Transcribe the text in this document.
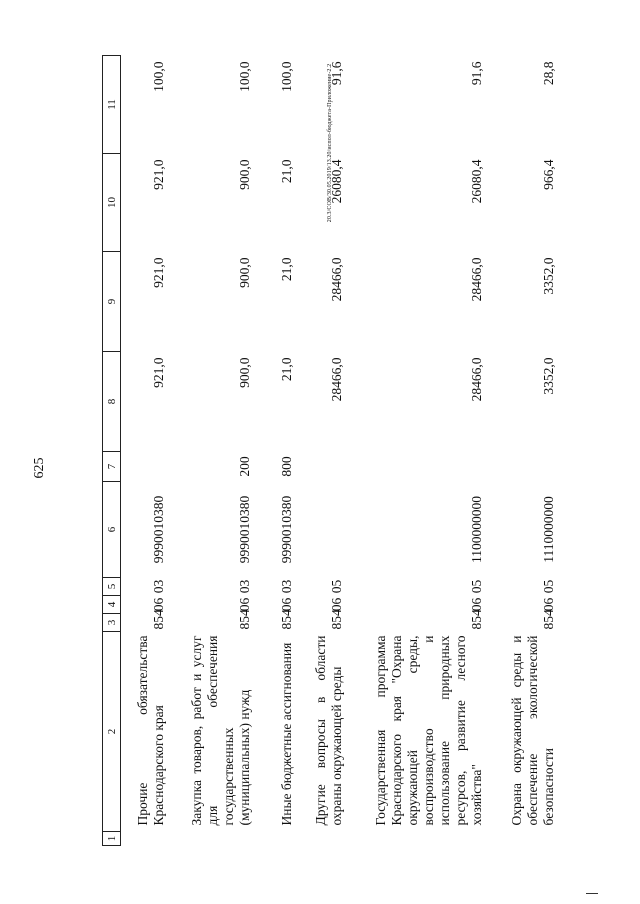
625
20.3/СОВ/30.05.2019/13.20/испол-бюджета-Приложение-2.2
1	2	3	4	5	6	7	8	9	10	11
	Прочие обязательства Краснодарского края	854	06	03	9990010380		921,0	921,0	921,0	100,0
	Закупка товаров, работ и услуг для обеспечения государственных (муниципальных) нужд	854	06	03	9990010380	200	900,0	900,0	900,0	100,0
	Иные бюджетные ассигнования	854	06	03	9990010380	800	21,0	21,0	21,0	100,0
	Другие вопросы в области охраны окружающей среды	854	06	05			28466,0	28466,0	26080,4	91,6
	Государственная программа Краснодарского края "Охрана окружающей среды, воспроизводство и использование природных ресурсов, развитие лесного хозяйства"	854	06	05	1100000000		28466,0	28466,0	26080,4	91,6
	Охрана окружающей среды и обеспечение экологической безопасности	854	06	05	1110000000		3352,0	3352,0	966,4	28,8
